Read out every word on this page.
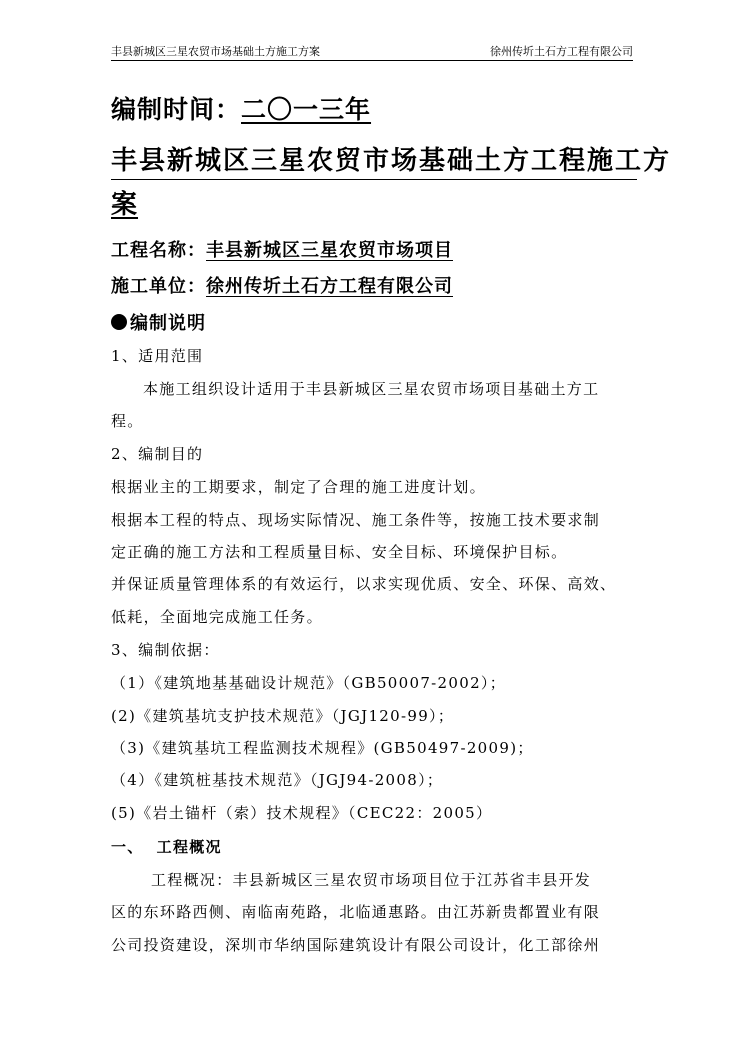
丰县新城区三星农贸市场基础土方施工方案	徐州传圻土石方工程有限公司
编制时间：二〇一三年
丰县新城区三星农贸市场基础土方工程施工方
案
工程名称：丰县新城区三星农贸市场项目
施工单位：徐州传圻土石方工程有限公司
编制说明
1、适用范围
本施工组织设计适用于丰县新城区三星农贸市场项目基础土方工
程。
2、编制目的
根据业主的工期要求，制定了合理的施工进度计划。
根据本工程的特点、现场实际情况、施工条件等，按施工技术要求制
定正确的施工方法和工程质量目标、安全目标、环境保护目标。
并保证质量管理体系的有效运行，以求实现优质、安全、环保、高效、
低耗，全面地完成施工任务。
3、编制依据：
（1）《建筑地基基础设计规范》（GB50007-2002）；
(2)《建筑基坑支护技术规范》（JGJ120-99）；
（3)《建筑基坑工程监测技术规程》(GB50497-2009)；
（4）《建筑桩基技术规范》（JGJ94-2008）；
(5)《岩土锚杆（索）技术规程》（CEC22：2005）
一、  工程概况
工程概况：丰县新城区三星农贸市场项目位于江苏省丰县开发
区的东环路西侧、南临南苑路，北临通惠路。由江苏新贵都置业有限
公司投资建设，深圳市华纳国际建筑设计有限公司设计，化工部徐州
